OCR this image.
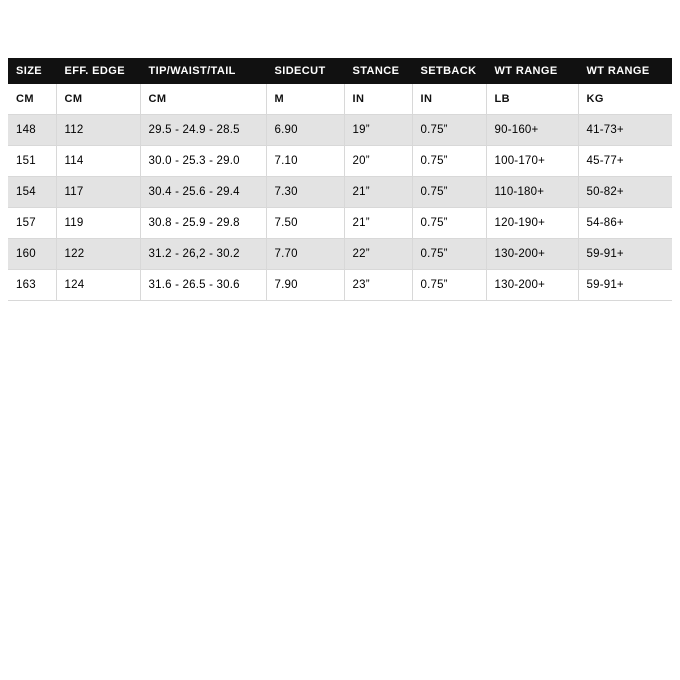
SIZE	EFF. EDGE	TIP/WAIST/TAIL	SIDECUT	STANCE	SETBACK	WT RANGE	WT RANGE
CM	CM	CM	M	IN	IN	LB	KG
148	112	29.5 - 24.9 - 28.5	6.90	19”	0.75”	90-160+	41-73+
151	114	30.0 - 25.3 - 29.0	7.10	20”	0.75”	100-170+	45-77+
154	117	30.4 - 25.6 - 29.4	7.30	21”	0.75”	110-180+	50-82+
157	119	30.8 - 25.9 - 29.8	7.50	21”	0.75”	120-190+	54-86+
160	122	31.2 - 26,2 - 30.2	7.70	22”	0.75”	130-200+	59-91+
163	124	31.6 - 26.5 - 30.6	7.90	23”	0.75”	130-200+	59-91+
